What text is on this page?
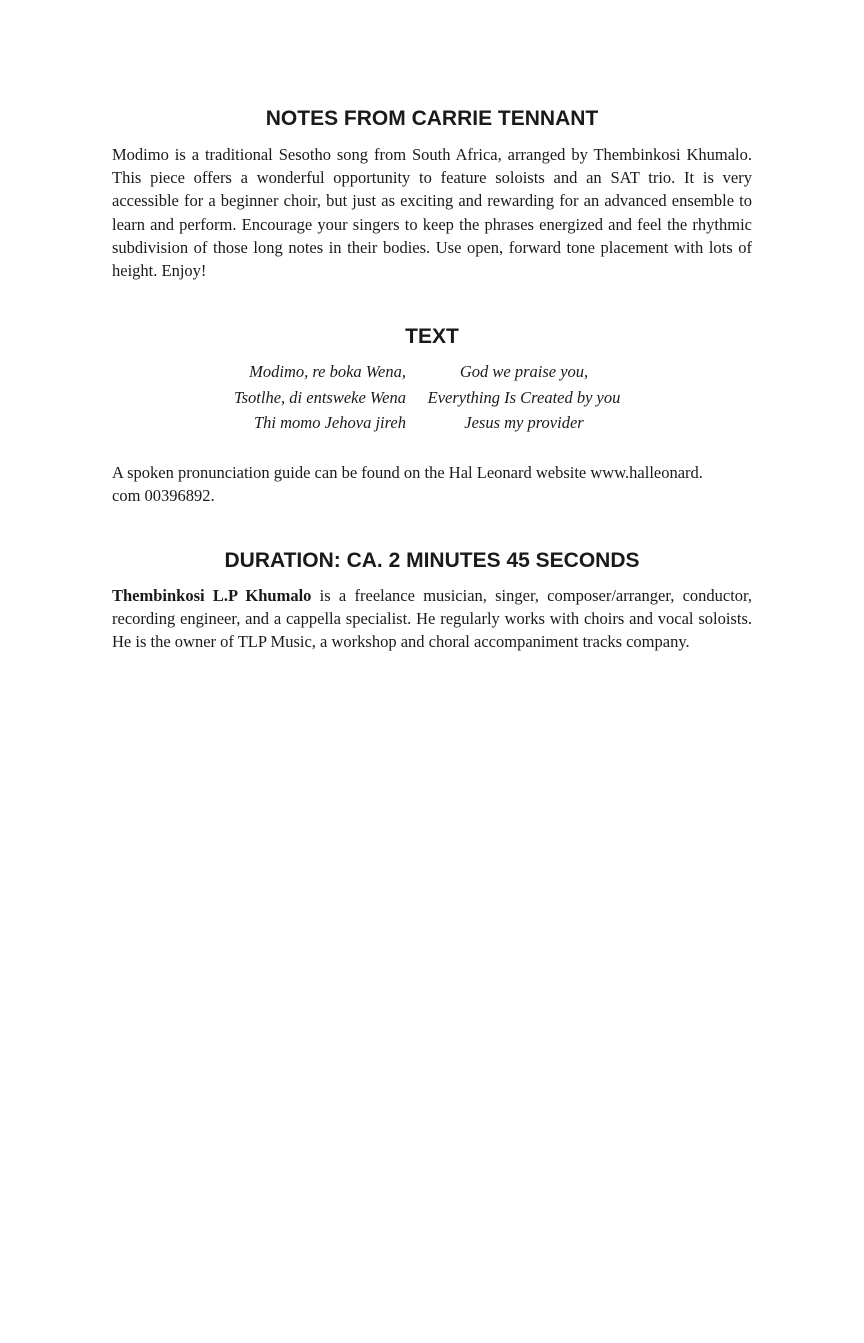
NOTES FROM CARRIE TENNANT

Modimo is a traditional Sesotho song from South Africa, arranged by Thembinkosi Khumalo. This piece offers a wonderful opportunity to feature soloists and an SAT trio. It is very accessible for a beginner choir, but just as exciting and rewarding for an advanced ensemble to learn and perform. Encourage your singers to keep the phrases energized and feel the rhythmic subdivision of those long notes in their bodies. Use open, forward tone placement with lots of height. Enjoy!

TEXT
Modimo, re boka Wena,	God we praise you,
Tsotlhe, di entsweke Wena	Everything Is Created by you
Thi momo Jehova jireh	Jesus my provider

A spoken pronunciation guide can be found on the Hal Leonard website www.halleonard.
com 00396892.

DURATION: CA. 2 MINUTES 45 SECONDS

Thembinkosi L.P Khumalo is a freelance musician, singer, composer/arranger, conductor, recording engineer, and a cappella specialist. He regularly works with choirs and vocal soloists. He is the owner of TLP Music, a workshop and choral accompaniment tracks company.
